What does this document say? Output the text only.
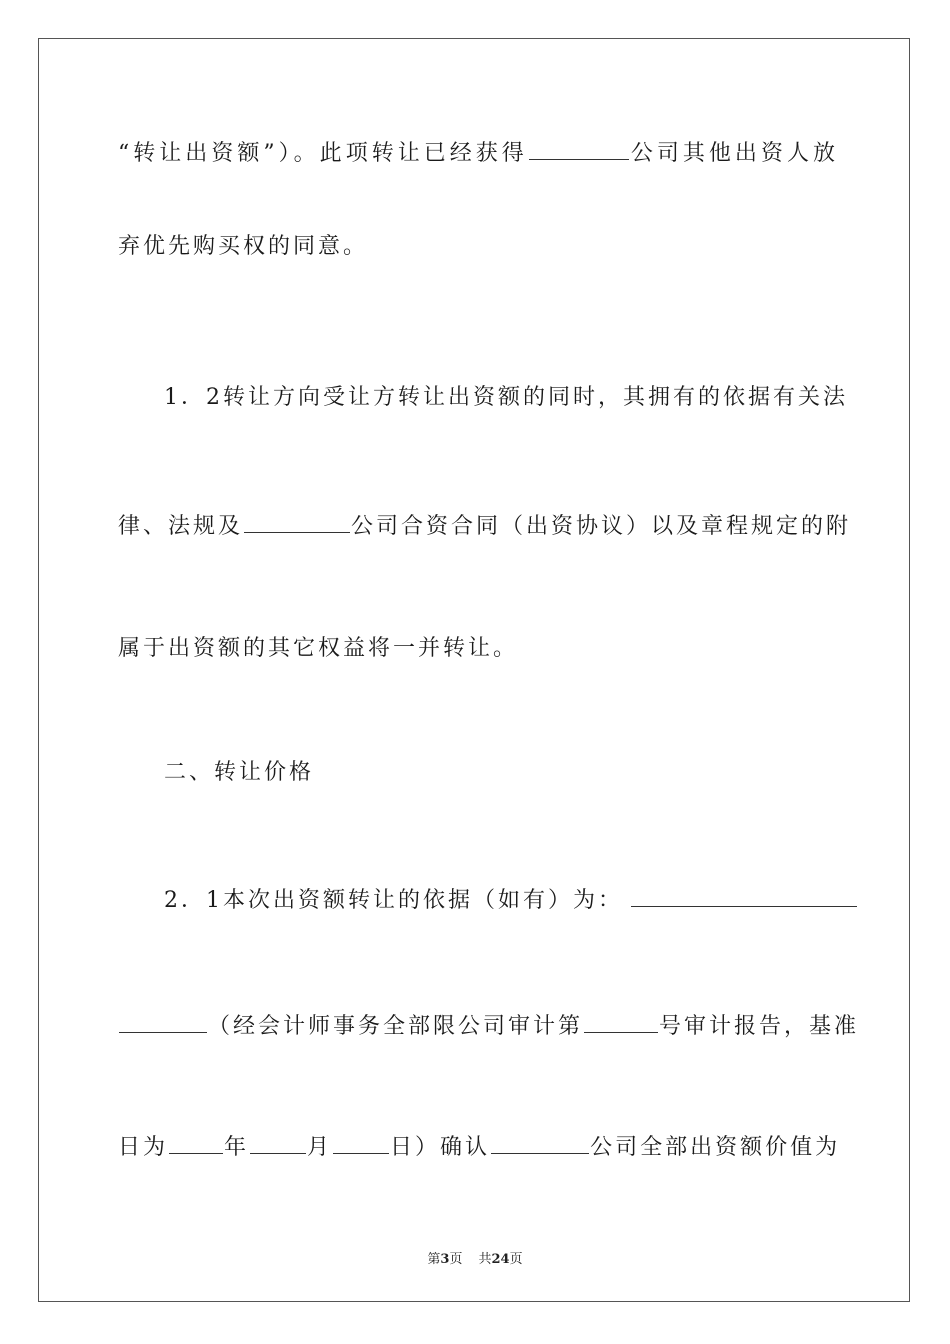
“转让出资额”）。此项转让已经获得	公司其他出资人放
弃优先购买权的同意。
1．2转让方向受让方转让出资额的同时，其拥有的依据有关法
律、法规及	公司合资合同（出资协议）以及章程规定的附
属于出资额的其它权益将一并转让。
二、转让价格
2．1本次出资额转让的依据（如有）为：
（经会计师事务全部限公司审计第	号审计报告，基准
日为	年	月	日）确认	公司全部出资额价值为
第3页 共24页
